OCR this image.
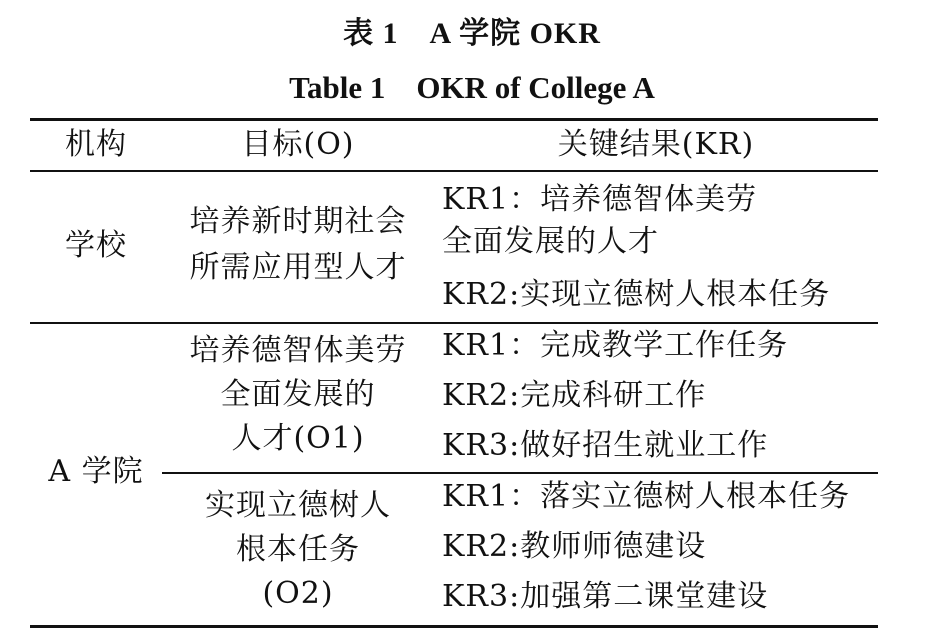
表 1　A 学院 OKR
Table 1　OKR of College A
机构	目标(O)	关键结果(KR)
学校
培养新时期社会
所需应用型人才
KR1：培养德智体美劳
全面发展的人才
KR2:实现立德树人根本任务
A 学院
培养德智体美劳
全面发展的
人才(O1)
KR1：完成教学工作任务
KR2:完成科研工作
KR3:做好招生就业工作
实现立德树人
根本任务
(O2)
KR1：落实立德树人根本任务
KR2:教师师德建设
KR3:加强第二课堂建设
